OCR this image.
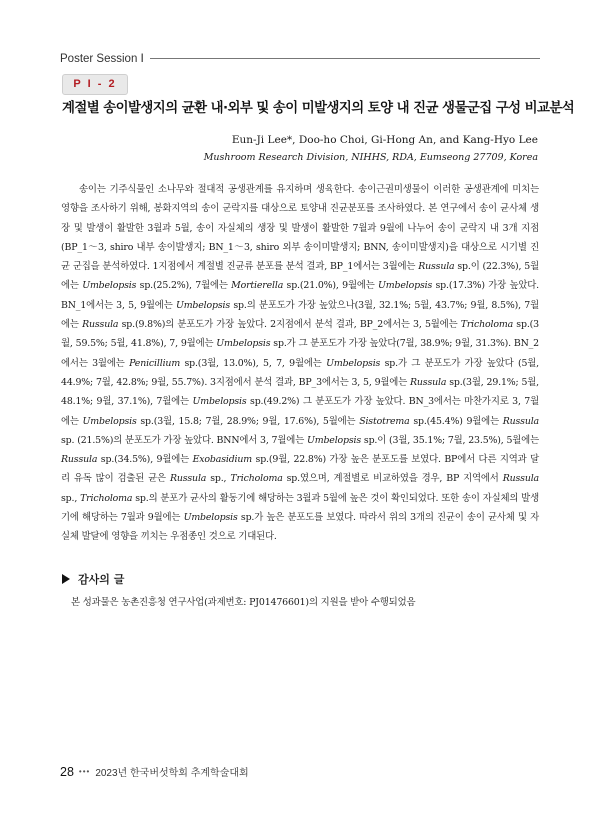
Poster Session Ⅰ
P I - 2
계절별 송이발생지의 균환 내·외부 및 송이 미발생지의 토양 내 진균 생물군집 구성 비교분석
Eun-Ji Lee*, Doo-ho Choi, Gi-Hong An, and Kang-Hyo Lee
Mushroom Research Division, NIHHS, RDA, Eumseong 27709, Korea

송이는 기주식물인 소나무와 절대적 공생관계를 유지하며 생육한다. 송이근권미생물이 이러한 공생관계에 미치는 영향을 조사하기 위해, 봉화지역의 송이 군락지를 대상으로 토양내 진균분포를 조사하였다. 본 연구에서 송이 균사체 생장 및 발생이 활발한 3월과 5월, 송이 자실체의 생장 및 발생이 활발한 7월과 9월에 나누어 송이 군락지 내 3개 지점(BP_1～3, shiro 내부 송이발생지; BN_1～3, shiro 외부 송이미발생지; BNN, 송이미발생지)을 대상으로 시기별 진균 군집을 분석하였다. 1지점에서 계절별 진균류 분포를 분석 결과, BP_1에서는 3월에는 Russula sp.이 (22.3%), 5월에는 Umbelopsis sp.(25.2%), 7월에는 Mortierella sp.(21.0%), 9월에는 Umbelopsis sp.(17.3%) 가장 높았다. BN_1에서는 3, 5, 9월에는 Umbelopsis sp.의 분포도가 가장 높았으나(3월, 32.1%; 5월, 43.7%; 9월, 8.5%), 7월에는 Russula sp.(9.8%)의 분포도가 가장 높았다. 2지점에서 분석 결과, BP_2에서는 3, 5월에는 Tricholoma sp.(3월, 59.5%; 5월, 41.8%), 7, 9월에는 Umbelopsis sp.가 그 분포도가 가장 높았다(7월, 38.9%; 9월, 31.3%). BN_2에서는 3월에는 Penicillium sp.(3월, 13.0%), 5, 7, 9월에는 Umbelopsis sp.가 그 분포도가 가장 높았다 (5월, 44.9%; 7월, 42.8%; 9월, 55.7%). 3지점에서 분석 결과, BP_3에서는 3, 5, 9월에는 Russula sp.(3월, 29.1%; 5월, 48.1%; 9월, 37.1%), 7월에는 Umbelopsis sp.(49.2%) 그 분포도가 가장 높았다. BN_3에서는 마찬가지로 3, 7월에는 Umbelopsis sp.(3월, 15.8; 7월, 28.9%; 9월, 17.6%), 5월에는 Sistotrema sp.(45.4%) 9월에는 Russula sp. (21.5%)의 분포도가 가장 높았다. BNN에서 3, 7월에는 Umbelopsis sp.이 (3월, 35.1%; 7월, 23.5%), 5월에는 Russula sp.(34.5%), 9월에는 Exobasidium sp.(9월, 22.8%) 가장 높은 분포도를 보였다. BP에서 다른 지역과 달리 유독 많이 검출된 균은 Russula sp., Tricholoma sp.였으며, 계절별로 비교하였을 경우, BP 지역에서 Russula sp., Tricholoma sp.의 분포가 균사의 활동기에 해당하는 3월과 5월에 높은 것이 확인되었다. 또한 송이 자실체의 발생기에 해당하는 7월과 9월에는 Umbelopsis sp.가 높은 분포도를 보였다. 따라서 위의 3개의 진균이 송이 균사체 및 자실체 발달에 영향을 끼치는 우점종인 것으로 기대된다.

감사의 글
본 성과물은 농촌진흥청 연구사업(과제번호: PJ01476601)의 지원을 받아 수행되었음
28 ••• 2023년 한국버섯학회 추계학술대회
